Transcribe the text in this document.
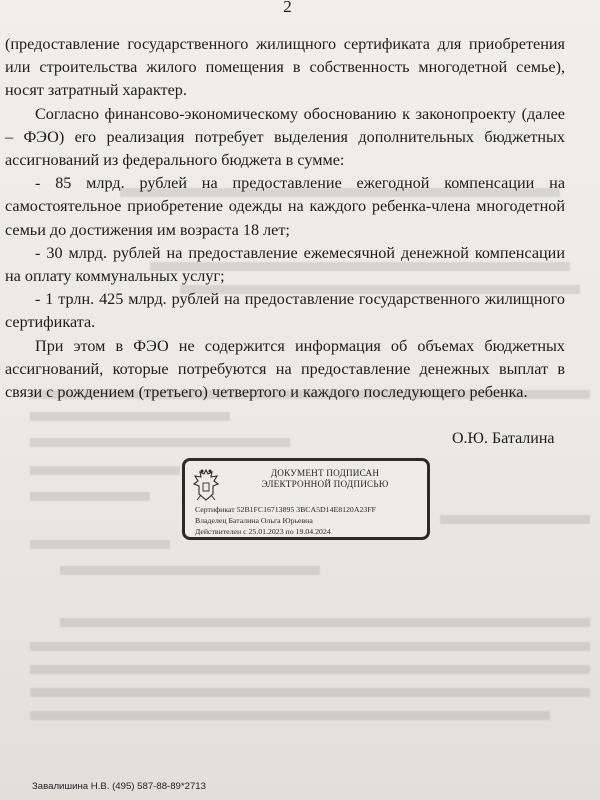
2

(предоставление государственного жилищного сертификата для приобретения или строительства жилого помещения в собственность многодетной семье), носят затратный характер.

Согласно финансово-экономическому обоснованию к законопроекту (далее – ФЭО) его реализация потребует выделения дополнительных бюджетных ассигнований из федерального бюджета в сумме:

- 85 млрд. рублей на предоставление ежегодной компенсации на самостоятельное приобретение одежды на каждого ребенка-члена многодетной семьи до достижения им возраста 18 лет;

- 30 млрд. рублей на предоставление ежемесячной денежной компенсации на оплату коммунальных услуг;

- 1 трлн. 425 млрд. рублей на предоставление государственного жилищного сертификата.

При этом в ФЭО не содержится информация об объемах бюджетных ассигнований, которые потребуются на предоставление денежных выплат в связи с рождением (третьего) четвертого и каждого последующего ребенка.

О.Ю. Баталина
ДОКУМЕНТ ПОДПИСАН
ЭЛЕКТРОННОЙ ПОДПИСЬЮ
Сертификат 52B1FC16713895 3BCA5D14E8120A23FF
Владелец Баталина Ольга Юрьевна
Действителен с 25.01.2023 по 19.04.2024
Завалишина Н.В. (495) 587-88-89*2713
